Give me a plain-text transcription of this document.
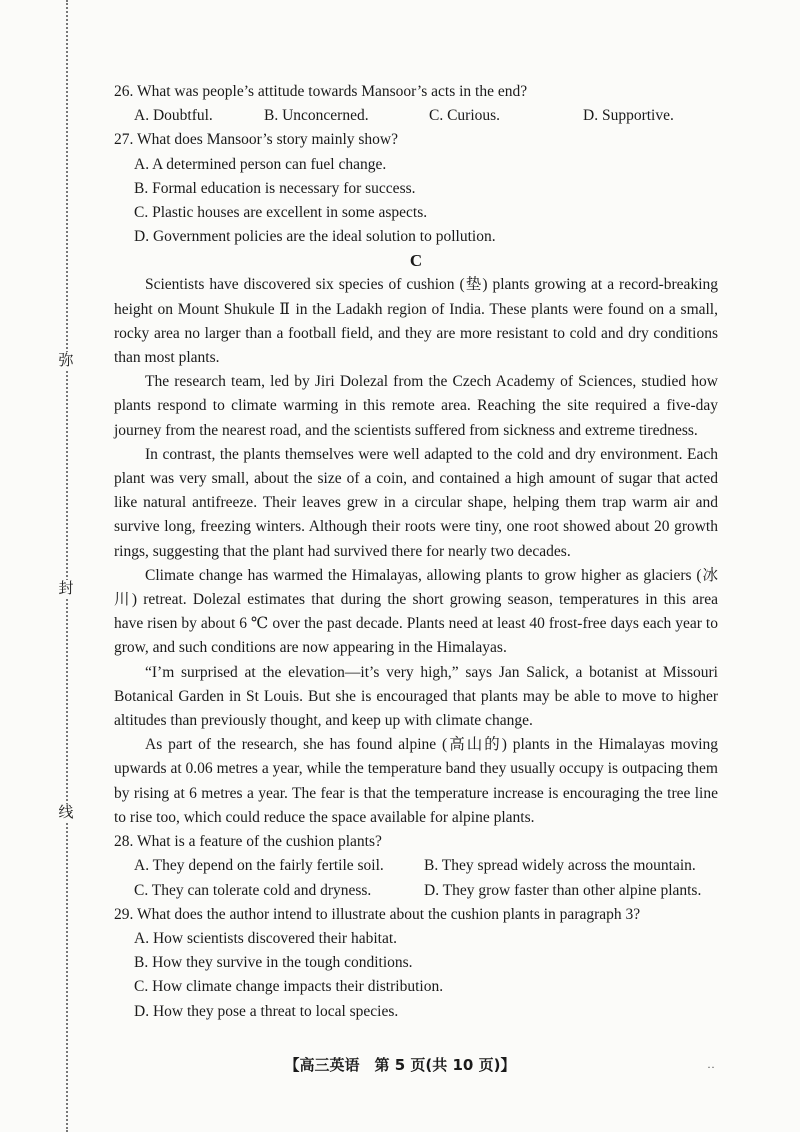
弥
封
线
26. What was people’s attitude towards Mansoor’s acts in the end?
A. Doubtful.	B. Unconcerned.	C. Curious.	D. Supportive.
27. What does Mansoor’s story mainly show?
A. A determined person can fuel change.
B. Formal education is necessary for success.
C. Plastic houses are excellent in some aspects.
D. Government policies are the ideal solution to pollution.
C

Scientists have discovered six species of cushion (垫) plants growing at a record-breaking height on Mount Shukule Ⅱ in the Ladakh region of India. These plants were found on a small, rocky area no larger than a football field, and they are more resistant to cold and dry conditions than most plants.

The research team, led by Jiri Dolezal from the Czech Academy of Sciences, studied how plants respond to climate warming in this remote area. Reaching the site required a five-day journey from the nearest road, and the scientists suffered from sickness and extreme tiredness.

In contrast, the plants themselves were well adapted to the cold and dry environment. Each plant was very small, about the size of a coin, and contained a high amount of sugar that acted like natural antifreeze. Their leaves grew in a circular shape, helping them trap warm air and survive long, freezing winters. Although their roots were tiny, one root showed about 20 growth rings, suggesting that the plant had survived there for nearly two decades.

Climate change has warmed the Himalayas, allowing plants to grow higher as glaciers (冰川) retreat. Dolezal estimates that during the short growing season, temperatures in this area have risen by about 6 ℃ over the past decade. Plants need at least 40 frost-free days each year to grow, and such conditions are now appearing in the Himalayas.

“I’m surprised at the elevation—it’s very high,” says Jan Salick, a botanist at Missouri Botanical Garden in St Louis. But she is encouraged that plants may be able to move to higher altitudes than previously thought, and keep up with climate change.

As part of the research, she has found alpine (高山的) plants in the Himalayas moving upwards at 0.06 metres a year, while the temperature band they usually occupy is outpacing them by rising at 6 metres a year. The fear is that the temperature increase is encouraging the tree line to rise too, which could reduce the space available for alpine plants.

28. What is a feature of the cushion plants?
A. They depend on the fairly fertile soil.	B. They spread widely across the mountain.
C. They can tolerate cold and dryness.	D. They grow faster than other alpine plants.
29. What does the author intend to illustrate about the cushion plants in paragraph 3?
A. How scientists discovered their habitat.
B. How they survive in the tough conditions.
C. How climate change impacts their distribution.
D. How they pose a threat to local species.
【高三英语　第 5 页(共 10 页)】	··
